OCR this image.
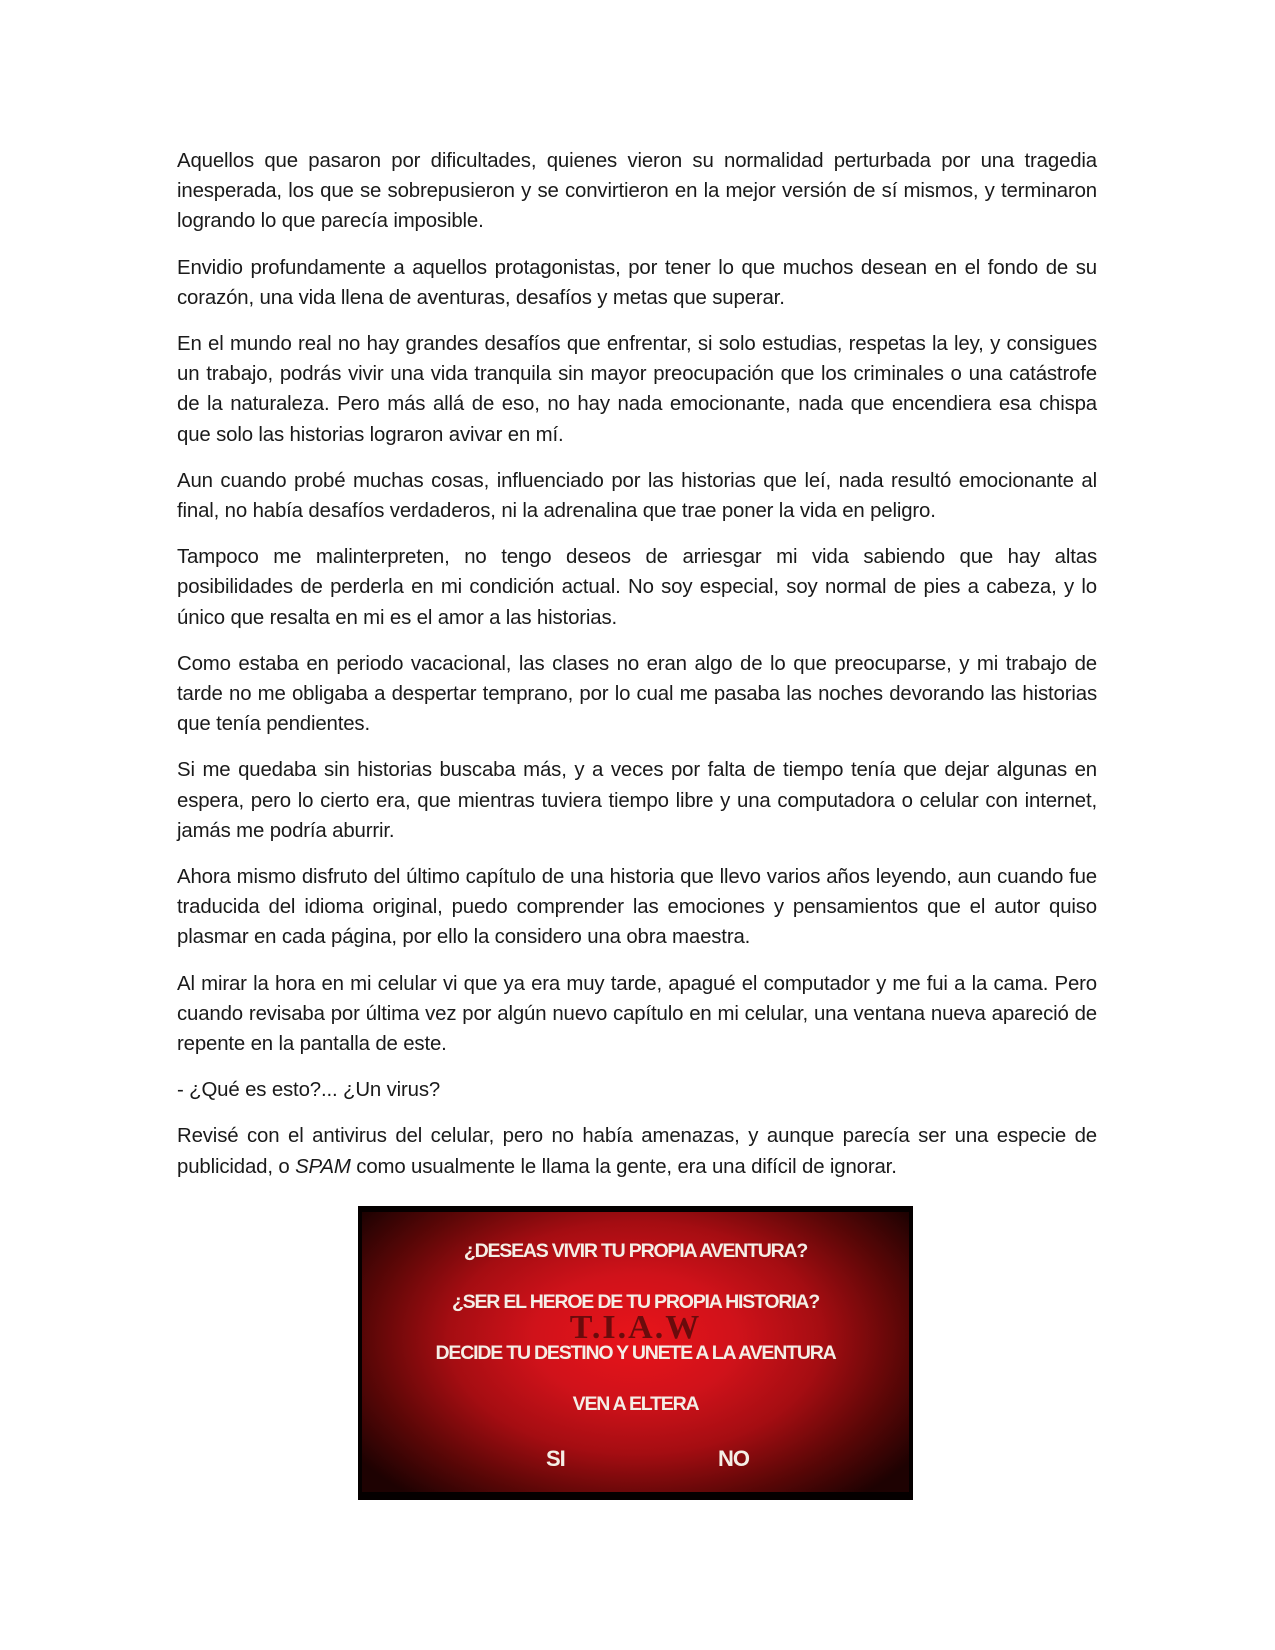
Aquellos que pasaron por dificultades, quienes vieron su normalidad perturbada por una tragedia inesperada, los que se sobrepusieron y se convirtieron en la mejor versión de sí mismos, y terminaron logrando lo que parecía imposible.

Envidio profundamente a aquellos protagonistas, por tener lo que muchos desean en el fondo de su corazón, una vida llena de aventuras, desafíos y metas que superar.

En el mundo real no hay grandes desafíos que enfrentar, si solo estudias, respetas la ley, y consigues un trabajo, podrás vivir una vida tranquila sin mayor preocupación que los criminales o una catástrofe de la naturaleza. Pero más allá de eso, no hay nada emocionante, nada que encendiera esa chispa que solo las historias lograron avivar en mí.

Aun cuando probé muchas cosas, influenciado por las historias que leí, nada resultó emocionante al final, no había desafíos verdaderos, ni la adrenalina que trae poner la vida en peligro.

Tampoco me malinterpreten, no tengo deseos de arriesgar mi vida sabiendo que hay altas posibilidades de perderla en mi condición actual. No soy especial, soy normal de pies a cabeza, y lo único que resalta en mi es el amor a las historias.

Como estaba en periodo vacacional, las clases no eran algo de lo que preocuparse, y mi trabajo de tarde no me obligaba a despertar temprano, por lo cual me pasaba las noches devorando las historias que tenía pendientes.

Si me quedaba sin historias buscaba más, y a veces por falta de tiempo tenía que dejar algunas en espera, pero lo cierto era, que mientras tuviera tiempo libre y una computadora o celular con internet, jamás me podría aburrir.

Ahora mismo disfruto del último capítulo de una historia que llevo varios años leyendo, aun cuando fue traducida del idioma original, puedo comprender las emociones y pensamientos que el autor quiso plasmar en cada página, por ello la considero una obra maestra.

Al mirar la hora en mi celular vi que ya era muy tarde, apagué el computador y me fui a la cama. Pero cuando revisaba por última vez por algún nuevo capítulo en mi celular, una ventana nueva apareció de repente en la pantalla de este.

- ¿Qué es esto?... ¿Un virus?

Revisé con el antivirus del celular, pero no había amenazas, y aunque parecía ser una especie de publicidad, o SPAM como usualmente le llama la gente, era una difícil de ignorar.

¿DESEAS VIVIR TU PROPIA AVENTURA?
¿SER EL HEROE DE TU PROPIA HISTORIA?
T.I.A.W
DECIDE TU DESTINO Y UNETE A LA AVENTURA
VEN A ELTERA
SI	NO
